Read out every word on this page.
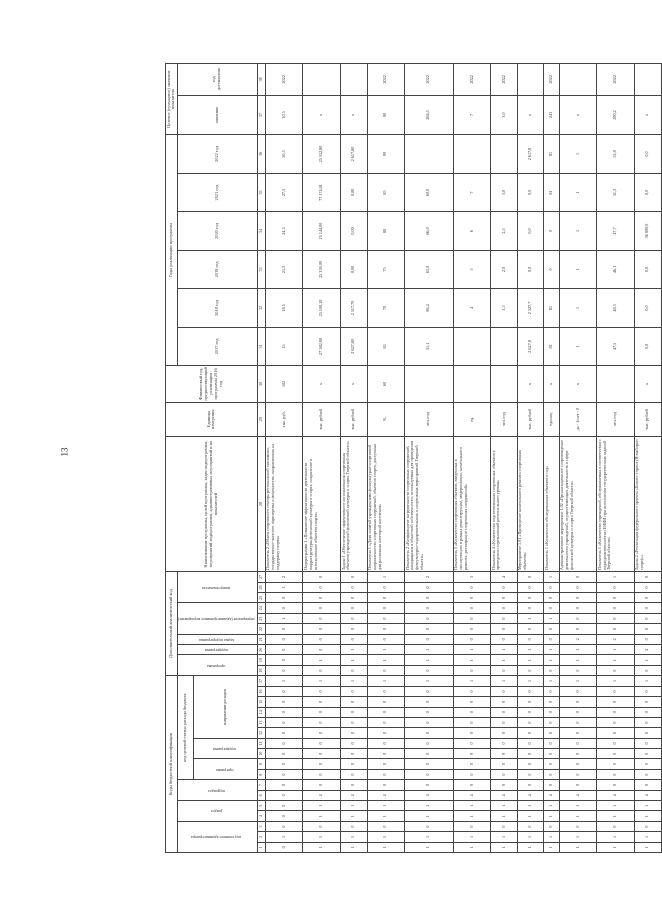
13
Коды бюджетной классификации																	Дополнительный аналитический код										Наименование программы, целей программы, задач подпрограммы, мероприятий подпрограммы, административных мероприятий и их показателей	Единица измерения	Финансовый год, предшествующий реализации программы 2016 год	Годы реализации программы						Целевое (суммарное) значение показателя	
код главного администратора			раздел		подраздел		код целевой статьи расхода бюджета										программа		подпрограмма	задача подпрограммы	мероприятие (административное мероприятие)			номер показателя						2017 год	2018 год	2019 год	2020 год	2021 год	2022 год	значение	год достижения
							программа		подпрограмма		направление расходов																										
1	2	3	4	5	6	7	8	9	10	11	12	13	14	15	16	17	18	19	20	21	22	23	24	25	26	27	28	29	30	31	32	33	34	35	36	37	38
0	1	0	0	0	0	0	0	0	0	0	0	0	0	0	0	1	0	0	0	0	0	1	0	0	1	2	Показатель 2 «Объем спортивного сектора региональной экономики, государственно-частного партнерства и меценатства, направленных на поддержку спорта»	тыс. руб.	102	15	18,5	21,5	24,5	27,5	30,5	30,5	2022
1	1	0	1	1	4	0	0	0	0	0	0	0	0	0	0	1	0	1	0	0	0	0	0	0	0	0	Подпрограмма 1 «Повышение эффективности деятельности инфраструктуры физической культуры и спорта, сохранение и использование объектов спорта»	тыс. рублей	х	27 582,80	25 100,10	25 359,00	25 144,00	77 174,81	25 552,80	х	
1	1	0	1	1	4	0	0	0	0	0	0	0	0	0	0	1	0	1	1	0	0	0	0	0	0	0	Задача 1 «Обеспечение эффективного использования спортивных объектов учреждений физической культуры и спорта Тверской области»	тыс. рублей	х	2 627,80	2 517,70	0,00	0,00	0,00	2 617,80	х	
1	1	0	1	1	4	0	0	0	0	0	0	0	0	0	0	1	0	1	1	0	0	0	0	0	0	1	Показатель 1 «Доля занятий учреждениями физкультурно-спортивной направленности спортивных сооружений, объектов спорта, доступных для различных категорий населения»	%	60	65	70	75	80	85	90	90	2022
1	1	0	1	1	4	0	0	0	0	0	0	0	0	0	0	1	0	1	1	0	0	0	0	0	0	2	Показатель 2 «Коэффициент загруженности спортивных сооружений, находящихся в областной собственности, используемых для проведения физкультурно-оздоровительных и спортивных мероприятий Тверской области»	чел./год		31,1	86,4	65,0	66,0	60,0		264,5	2022
1	1	0	1	1	4	0	0	0	0	0	0	0	0	0	0	1	0	1	1	0	0	0	0	0	0	3	Показатель 3 «Количество спортивных объектов, введенных в эксплуатацию в рамках реконструкции, модернизации, капитального ремонта, реставрации спортивных сооружений»	ед.			4	5	6	7		7	2022
1	1	0	1	1	4	0	0	0	0	0	0	0	0	0	0	1	0	1	1	0	0	0	0	0	0	4	Показатель 4 «Количество подготовленных спортивных объектов к проведению соревнований регионального уровня»	чел./год			1,5	2,0	2,5	3,0		3,0	2022
1	1	0	1	1	4	0	0	0	0	0	0	0	0	0	0	1	0	1	1	0	0	1	0	0	0	0	Мероприятие 1.01 «Проведение капитального ремонта спортивных объектов»	тыс. рублей	х	2 627,8	2 527,7	0,0	0,0	0,0	2 617,8	х	
1	1	0	1	1	4	0	0	0	0	0	0	0	0	0	0	1	0	1	1	0	0	1	0	0	0	1	Показатель 1 «Количество обследованных объектов в год»	единиц	х	81	81	0	0	81	81	243	2022
1	1	0	1	1	4	0	0	0	0	0	0	0	0	0	0	1	0	1	1	2	0	0	0	0	0	0	Административное мероприятие 1.02 «Организационное сопровождение деятельности учреждений, осуществляющих деятельность в сфере физической культуры и спорта Тверской области»	да - 1/нет - 0	х	1	1	1	1	1	1	х	
1	1	0	1	1	4	0	0	0	0	0	0	0	0	0	0	1	0	1	1	2	0	0	0	0	0	1	Показатель 1 «Количество учреждений, обслуживаемых в соответствии с подведомственностью ЕНИИ при исполнении государственных заданий Тверской области»	чел./год		47,5	48,3	46,1	47,7	51,3	51,8	290,2	2022
1	1	0	1	1	4	0	0	0	0	0	0	0	0	0	0	1	0	1	2	0	0	0	0	0	0	0	Задача 2 «Реализация федерального проекта «Бизнес-спринт (Я выбираю спорт)»»	тыс. рублей	х	0,0	0,0	0,0	36 890,0	0,0	0,0	х	
